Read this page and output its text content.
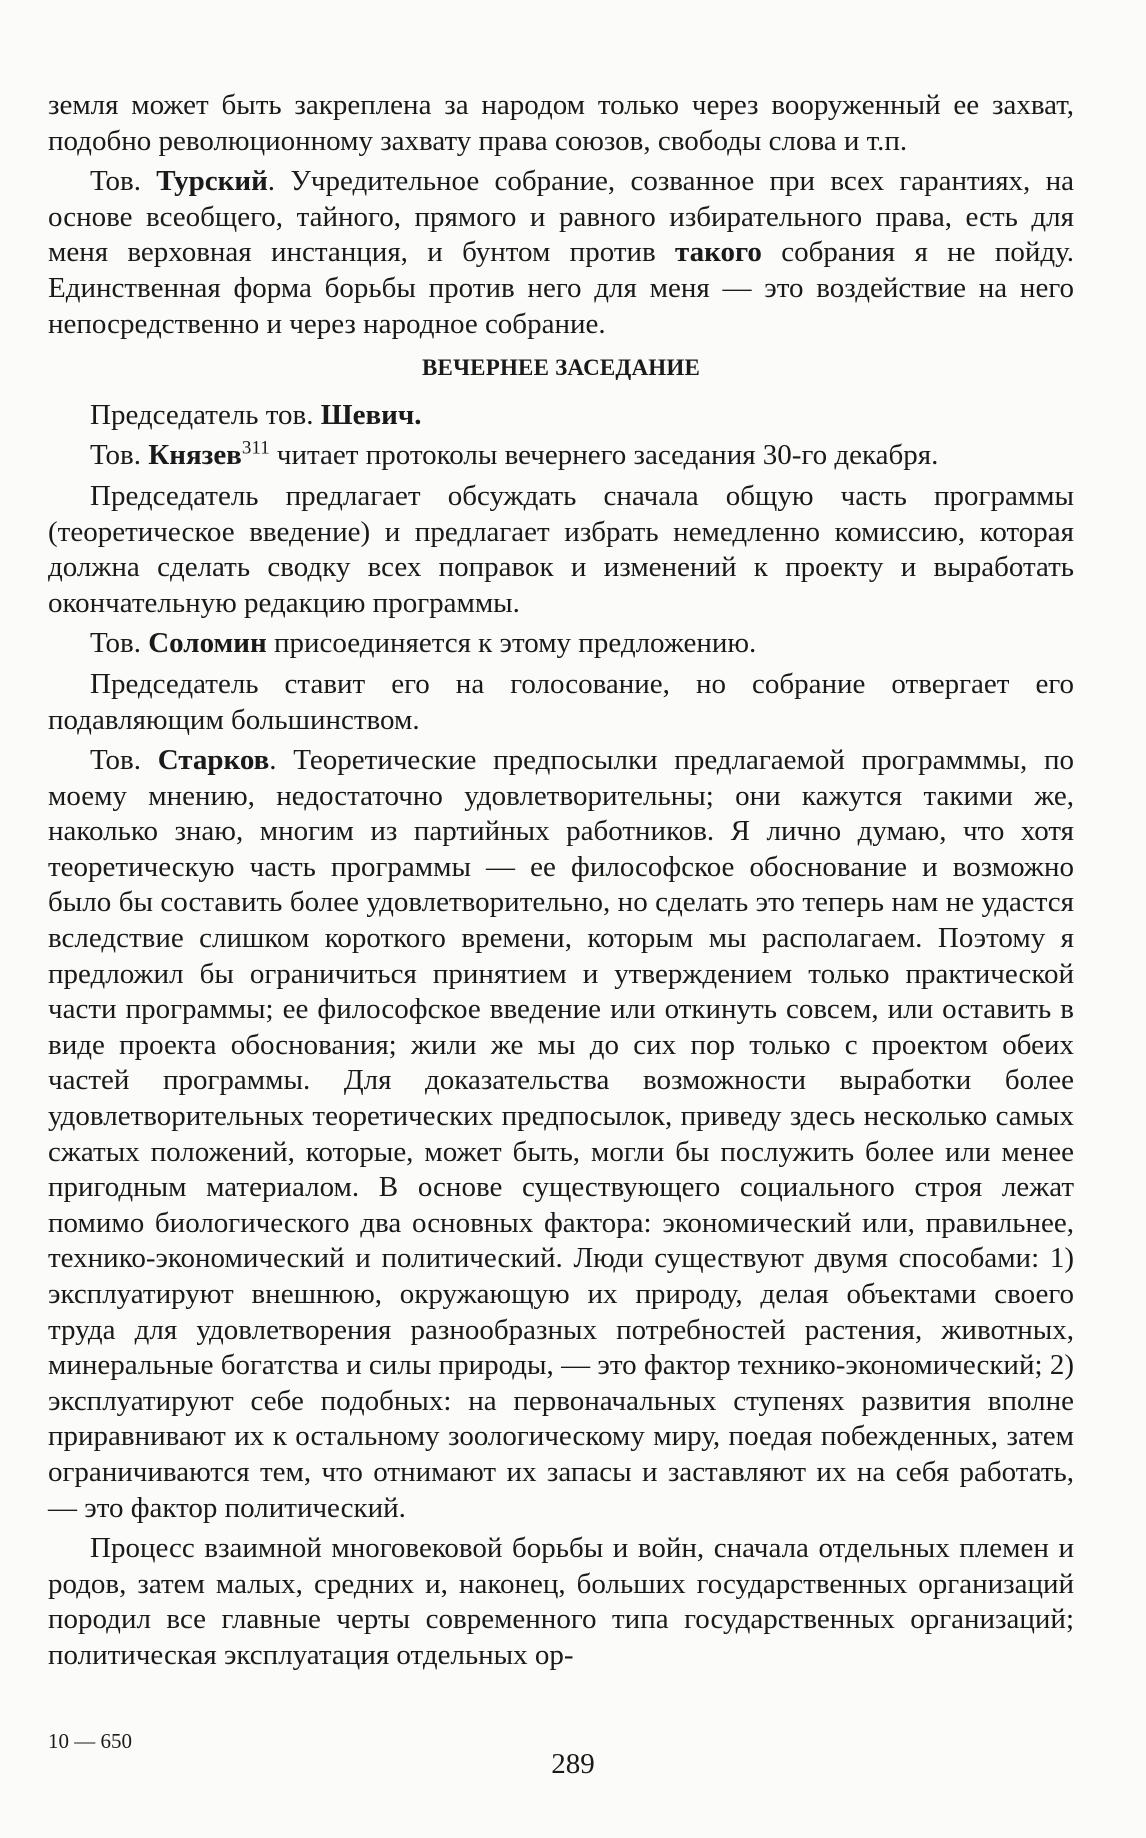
земля может быть закреплена за народом только через вооруженный ее захват, подобно революционному захвату права союзов, свободы слова и т.п.

Тов. Турский. Учредительное собрание, созванное при всех гарантиях, на основе всеобщего, тайного, прямого и равного избирательного права, есть для меня верховная инстанция, и бунтом против такого собрания я не пойду. Единственная форма борьбы против него для меня — это воздействие на него непосредственно и через народное собрание.

ВЕЧЕРНЕЕ ЗАСЕДАНИЕ

Председатель тов. Шевич.

Тов. Князев$^{311}$ читает протоколы вечернего заседания 30-го декабря.

Председатель предлагает обсуждать сначала общую часть программы (теоретическое введение) и предлагает избрать немедленно комиссию, которая должна сделать сводку всех поправок и изменений к проекту и выработать окончательную редакцию программы.

Тов. Соломин присоединяется к этому предложению.

Председатель ставит его на голосование, но собрание отвергает его подавляющим большинством.

Тов. Старков. Теоретические предпосылки предлагаемой программмы, по моему мнению, недостаточно удовлетворительны; они кажутся такими же, наколько знаю, многим из партийных работников. Я лично думаю, что хотя теоретическую часть программы — ее философское обоснование и возможно было бы составить более удовлетворительно, но сделать это теперь нам не удастся вследствие слишком короткого времени, которым мы располагаем. Поэтому я предложил бы ограничиться принятием и утверждением только практической части программы; ее философское введение или откинуть совсем, или оставить в виде проекта обоснования; жили же мы до сих пор только с проектом обеих частей программы. Для доказательства возможности выработки более удовлетворительных теоретических предпосылок, приведу здесь несколько самых сжатых положений, которые, может быть, могли бы послужить более или менее пригодным материалом. В основе существующего социального строя лежат помимо биологического два основных фактора: экономический или, правильнее, технико-экономический и политический. Люди существуют двумя способами: 1) эксплуатируют внешнюю, окружающую их природу, делая объектами своего труда для удовлетворения разнообразных потребностей растения, животных, минеральные богатства и силы природы, — это фактор технико-экономический; 2) эксплуатируют себе подобных: на первоначальных ступенях развития вполне приравнивают их к остальному зоологическому миру, поедая побежденных, затем ограничиваются тем, что отнимают их запасы и заставляют их на себя работать, — это фактор политический.

Процесс взаимной многовековой борьбы и войн, сначала отдельных племен и родов, затем малых, средних и, наконец, больших государственных организаций породил все главные черты современного типа государственных организаций; политическая эксплуатация отдельных ор-

10 — 650
289
